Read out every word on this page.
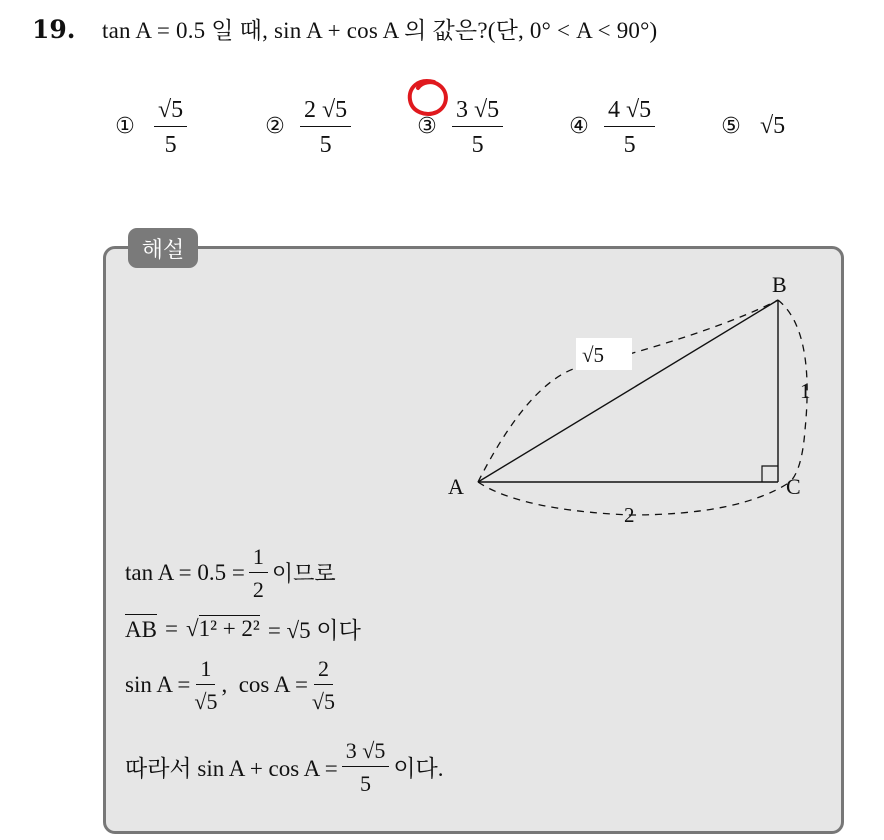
19.	tan A = 0.5 일 때, sin A + cos A 의 값은?(단, 0° < A < 90°)
① $\frac{√5}{5}$	② $\frac{2 √5}{5}$	③ $\frac{3 √5}{5}$	④ $\frac{4 √5}{5}$	⑤ √5
해설
√5
B
A	C
1
2
$\tan A = 0.5 = \frac{1}{2}$ 이므로
AB = √ 1² + 2² = √5 이다
$\sin A = \frac{1}{√5}$ ,  $\cos A = \frac{2}{√5}$
따라서 $\sin A + \cos A = \frac{3 √5}{5}$ 이다.
